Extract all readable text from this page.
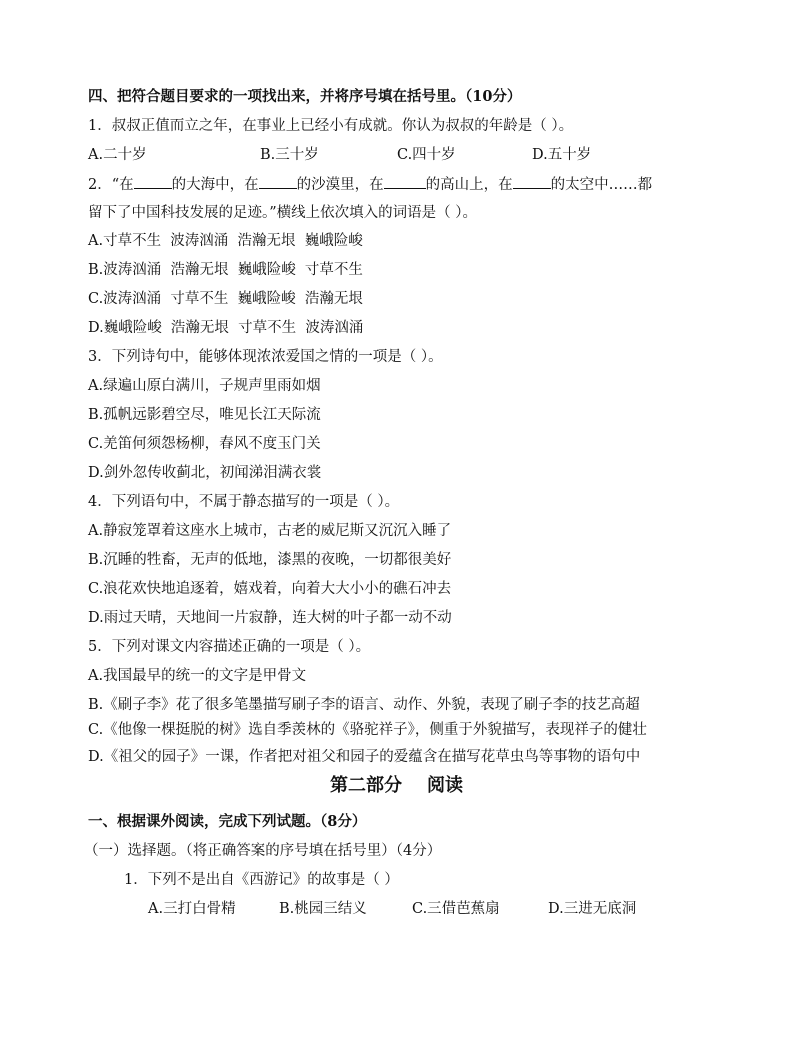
四、把符合题目要求的一项找出来，并将序号填在括号里。（10分）
1．叔叔正值而立之年，在事业上已经小有成就。你认为叔叔的年龄是（ ）。
A.二十岁	B.三十岁	C.四十岁	D.五十岁
2．“在	的大海中，在	的沙漠里，在	的高山上，在	的太空中……都
留下了中国科技发展的足迹。”横线上依次填入的词语是（ ）。
A.寸草不生  波涛汹涌  浩瀚无垠  巍峨险峻
B.波涛汹涌  浩瀚无垠  巍峨险峻  寸草不生
C.波涛汹涌  寸草不生  巍峨险峻  浩瀚无垠
D.巍峨险峻  浩瀚无垠  寸草不生  波涛汹涌
3．下列诗句中，能够体现浓浓爱国之情的一项是（ ）。
A.绿遍山原白满川，子规声里雨如烟
B.孤帆远影碧空尽，唯见长江天际流
C.羌笛何须怨杨柳，春风不度玉门关
D.剑外忽传收蓟北，初闻涕泪满衣裳
4．下列语句中，不属于静态描写的一项是（ ）。
A.静寂笼罩着这座水上城市，古老的威尼斯又沉沉入睡了
B.沉睡的牲畜，无声的低地，漆黑的夜晚，一切都很美好
C.浪花欢快地追逐着，嬉戏着，向着大大小小的礁石冲去
D.雨过天晴，天地间一片寂静，连大树的叶子都一动不动
5．下列对课文内容描述正确的一项是（ ）。
A.我国最早的统一的文字是甲骨文
B.《刷子李》花了很多笔墨描写刷子李的语言、动作、外貌，表现了刷子李的技艺高超
C.《他像一棵挺脱的树》选自季羡林的《骆驼祥子》，侧重于外貌描写，表现祥子的健壮
D.《祖父的园子》一课，作者把对祖父和园子的爱蕴含在描写花草虫鸟等事物的语句中
第二部分    阅读
一、根据课外阅读，完成下列试题。（8分）
（一）选择题。（将正确答案的序号填在括号里）（4分）
1．下列不是出自《西游记》的故事是（ ）
A.三打白骨精	B.桃园三结义	C.三借芭蕉扇	D.三进无底洞
